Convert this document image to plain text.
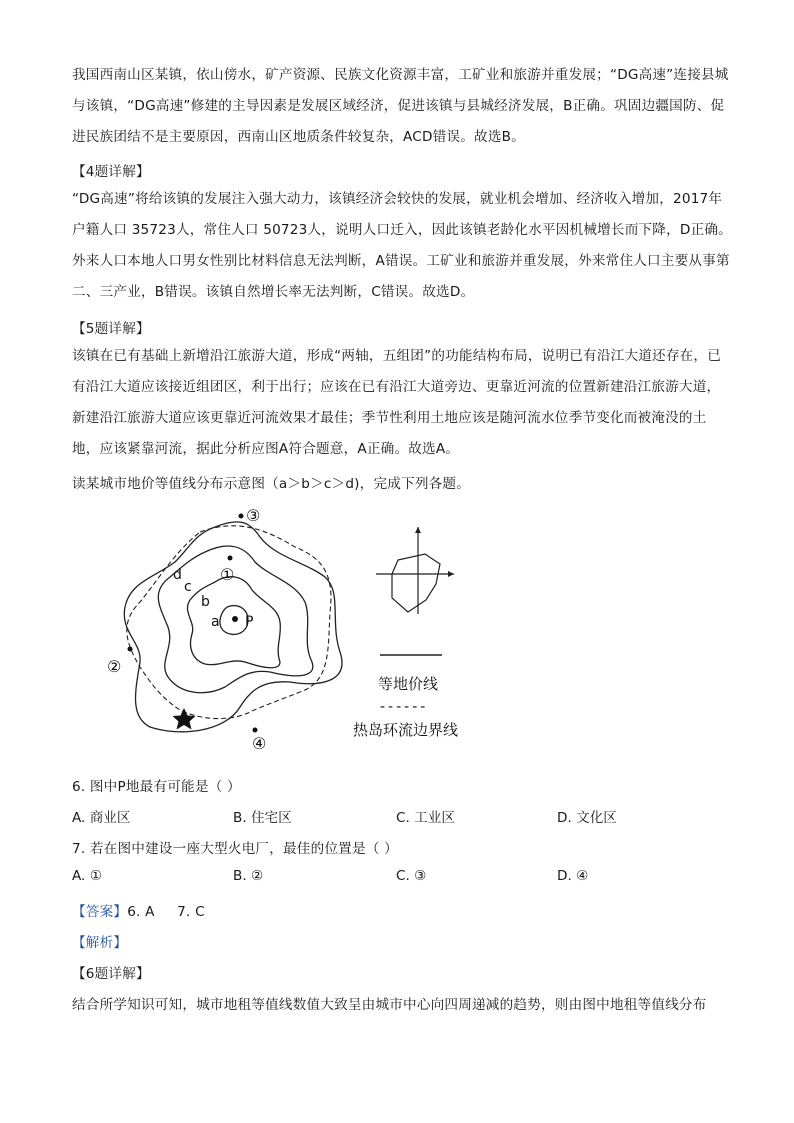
我国西南山区某镇，依山傍水，矿产资源、民族文化资源丰富，工矿业和旅游并重发展；“DG高速”连接县城与该镇，“DG高速”修建的主导因素是发展区域经济，促进该镇与县城经济发展，B正确。巩固边疆国防、促进民族团结不是主要原因，西南山区地质条件较复杂，ACD错误。故选B。
【4题详解】
“DG高速”将给该镇的发展注入强大动力，该镇经济会较快的发展，就业机会增加、经济收入增加，2017年户籍人口 35723人，常住人口 50723人，说明人口迁入，因此该镇老龄化水平因机械增长而下降，D正确。外来人口本地人口男女性别比材料信息无法判断，A错误。工矿业和旅游并重发展，外来常住人口主要从事第二、三产业，B错误。该镇自然增长率无法判断，C错误。故选D。
【5题详解】
该镇在已有基础上新增沿江旅游大道，形成“两轴，五组团”的功能结构布局，说明已有沿江大道还存在，已有沿江大道应该接近组团区，利于出行；应该在已有沿江大道旁边、更靠近河流的位置新建沿江旅游大道，新建沿江旅游大道应该更靠近河流效果才最佳；季节性利用土地应该是随河流水位季节变化而被淹没的土地，应该紧靠河流，据此分析应图A符合题意，A正确。故选A。
读某城市地价等值线分布示意图（a＞b＞c＞d)，完成下列各题。
P
a
b
c
d ①
②
③
④
等地价线
------
热岛环流边界线
6. 图中P地最有可能是（ ）
A. 商业区	B. 住宅区	C. 工业区	D. 文化区
7. 若在图中建设一座大型火电厂，最佳的位置是（ ）
A. ①	B. ②	C. ③	D. ④
【答案】6. A     7. C
【解析】
【6题详解】
结合所学知识可知，城市地租等值线数值大致呈由城市中心向四周递减的趋势，则由图中地租等值线分布
